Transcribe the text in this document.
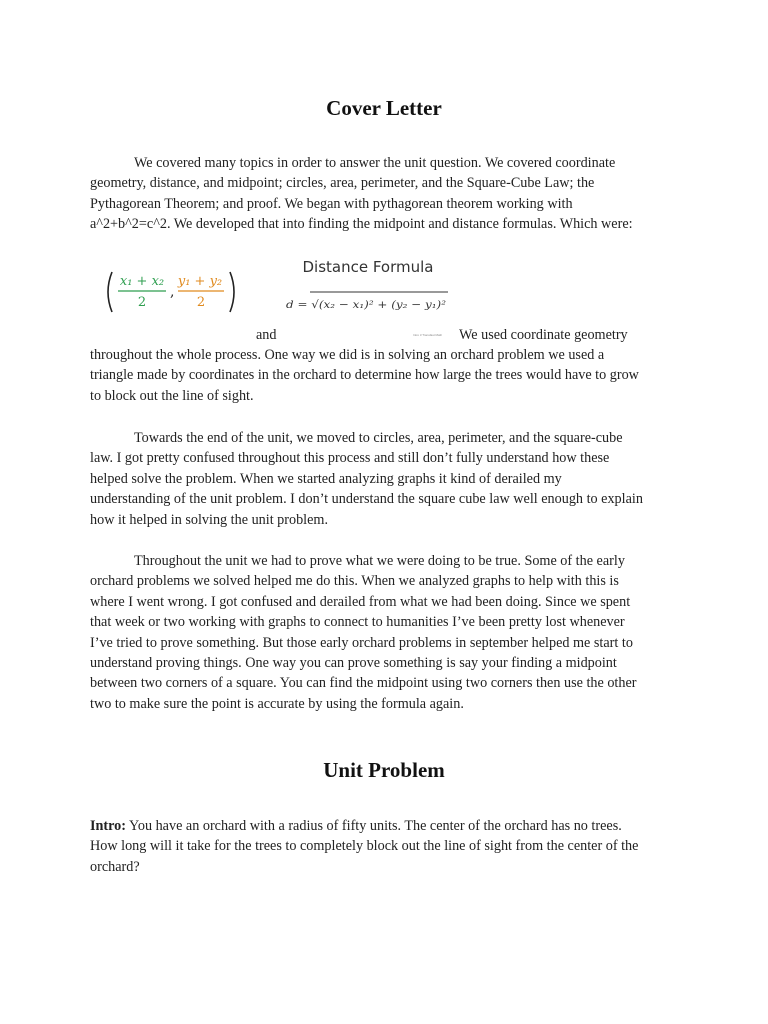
Cover Letter

We covered many topics in order to answer the unit question. We covered coordinate
geometry, distance, and midpoint; circles, area, perimeter, and the Square-Cube Law; the
Pythagorean Theorem; and proof. We began with pythagorean theorem working with
a^2+b^2=c^2. We developed that into finding the midpoint and distance formulas. Which were:

x₁ + x₂
2
,
y₁ + y₂
2
Distance Formula
d = √(x₂ − x₁)² + (y₂ − y₁)²
and	Intro 3 Transfast Math	We used coordinate geometry

throughout the whole process. One way we did is in solving an orchard problem we used a
triangle made by coordinates in the orchard to determine how large the trees would have to grow
to block out the line of sight.

Towards the end of the unit, we moved to circles, area, perimeter, and the square-cube
law. I got pretty confused throughout this process and still don’t fully understand how these
helped solve the problem. When we started analyzing graphs it kind of derailed my
understanding of the unit problem. I don’t understand the square cube law well enough to explain
how it helped in solving the unit problem.

Throughout the unit we had to prove what we were doing to be true. Some of the early
orchard problems we solved helped me do this. When we analyzed graphs to help with this is
where I went wrong. I got confused and derailed from what we had been doing. Since we spent
that week or two working with graphs to connect to humanities I’ve been pretty lost whenever
I’ve tried to prove something. But those early orchard problems in september helped me start to
understand proving things. One way you can prove something is say your finding a midpoint
between two corners of a square. You can find the midpoint using two corners then use the other
two to make sure the point is accurate by using the formula again.

Unit Problem

Intro: You have an orchard with a radius of fifty units. The center of the orchard has no trees.
How long will it take for the trees to completely block out the line of sight from the center of the
orchard?
